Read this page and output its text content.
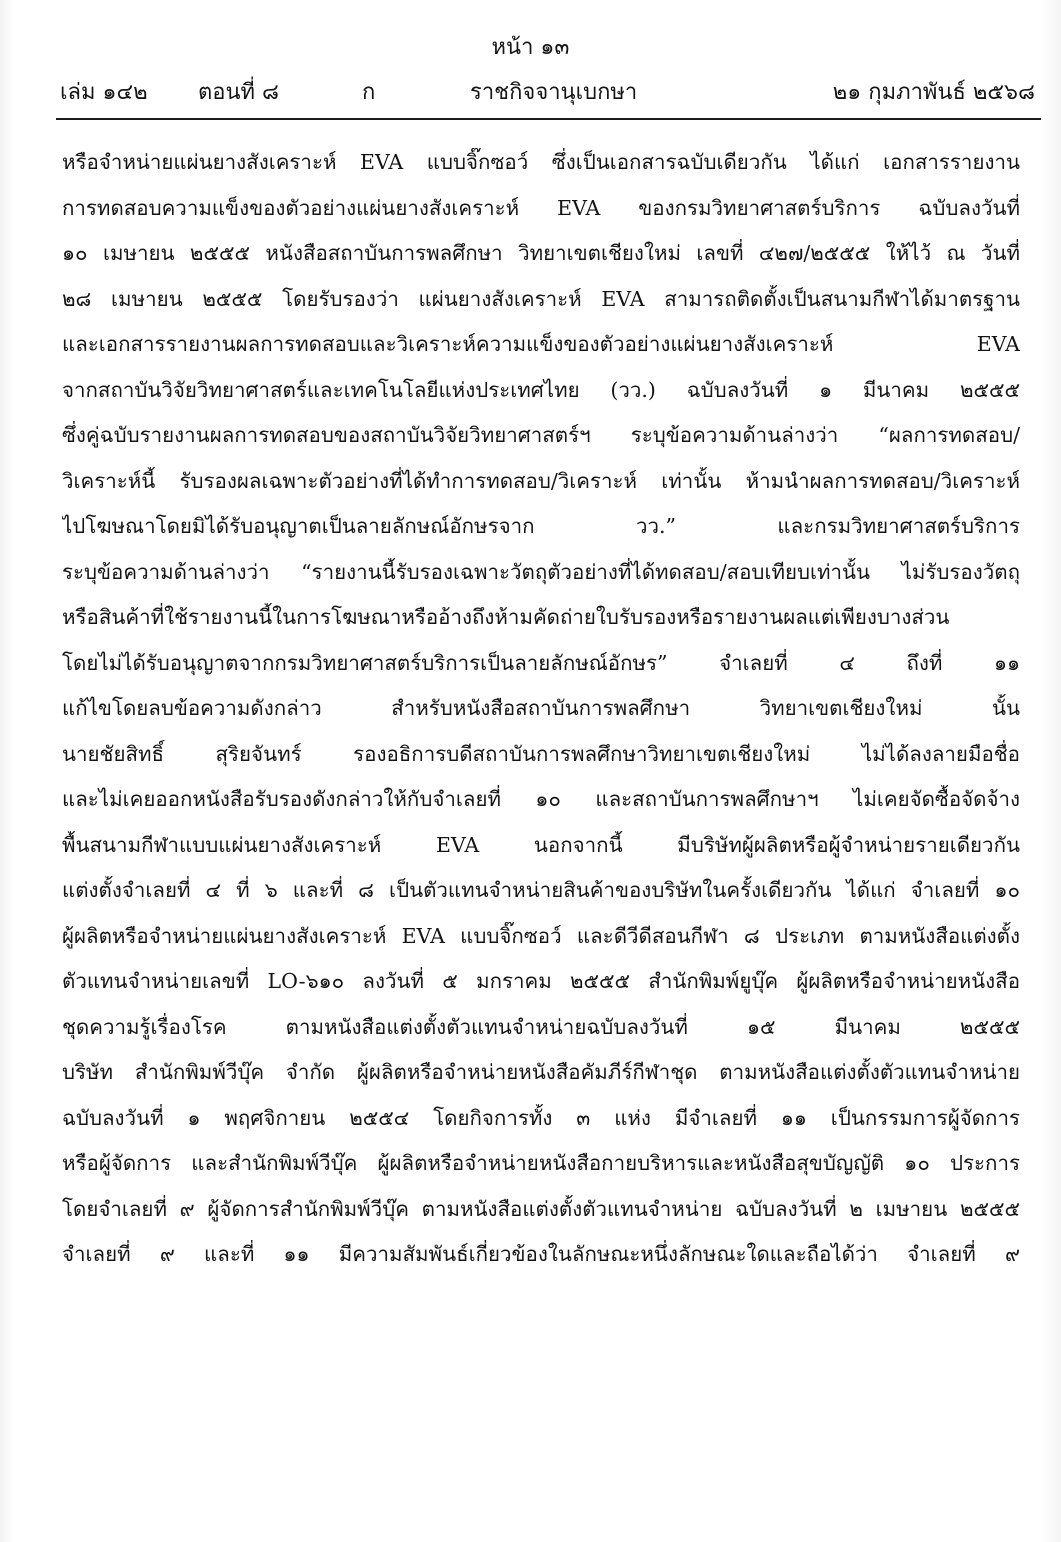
หน้า ๑๓
เล่ม ๑๔๒ ตอนที่ ๘	ก	ราชกิจจานุเบกษา	๒๑ กุมภาพันธ์ ๒๕๖๘
หรือจำหน่ายแผ่นยางสังเคราะห์ EVA แบบจิ๊กซอว์ ซึ่งเป็นเอกสารฉบับเดียวกัน ได้แก่ เอกสารรายงาน
การทดสอบความแข็งของตัวอย่างแผ่นยางสังเคราะห์ EVA ของกรมวิทยาศาสตร์บริการ ฉบับลงวันที่
๑๐ เมษายน ๒๕๕๕ หนังสือสถาบันการพลศึกษา วิทยาเขตเชียงใหม่ เลขที่ ๔๒๗/๒๕๕๕ ให้ไว้ ณ วันที่
๒๘ เมษายน ๒๕๕๕ โดยรับรองว่า แผ่นยางสังเคราะห์ EVA สามารถติดตั้งเป็นสนามกีฬาได้มาตรฐาน
และเอกสารรายงานผลการทดสอบและวิเคราะห์ความแข็งของตัวอย่างแผ่นยางสังเคราะห์ EVA
จากสถาบันวิจัยวิทยาศาสตร์และเทคโนโลยีแห่งประเทศไทย (วว.) ฉบับลงวันที่ ๑ มีนาคม ๒๕๕๕
ซึ่งคู่ฉบับรายงานผลการทดสอบของสถาบันวิจัยวิทยาศาสตร์ฯ ระบุข้อความด้านล่างว่า “ผลการทดสอบ/
วิเคราะห์นี้ รับรองผลเฉพาะตัวอย่างที่ได้ทำการทดสอบ/วิเคราะห์ เท่านั้น ห้ามนำผลการทดสอบ/วิเคราะห์
ไปโฆษณาโดยมิได้รับอนุญาตเป็นลายลักษณ์อักษรจาก วว.” และกรมวิทยาศาสตร์บริการ
ระบุข้อความด้านล่างว่า “รายงานนี้รับรองเฉพาะวัตถุตัวอย่างที่ได้ทดสอบ/สอบเทียบเท่านั้น ไม่รับรองวัตถุ
หรือสินค้าที่ใช้รายงานนี้ในการโฆษณาหรืออ้างถึงห้ามคัดถ่ายใบรับรองหรือรายงานผลแต่เพียงบางส่วน
โดยไม่ได้รับอนุญาตจากกรมวิทยาศาสตร์บริการเป็นลายลักษณ์อักษร” จำเลยที่ ๔ ถึงที่ ๑๑
แก้ไขโดยลบข้อความดังกล่าว สำหรับหนังสือสถาบันการพลศึกษา วิทยาเขตเชียงใหม่ นั้น
นายชัยสิทธิ์ สุริยจันทร์ รองอธิการบดีสถาบันการพลศึกษาวิทยาเขตเชียงใหม่ ไม่ได้ลงลายมือชื่อ
และไม่เคยออกหนังสือรับรองดังกล่าวให้กับจำเลยที่ ๑๐ และสถาบันการพลศึกษาฯ ไม่เคยจัดซื้อจัดจ้าง
พื้นสนามกีฬาแบบแผ่นยางสังเคราะห์ EVA นอกจากนี้ มีบริษัทผู้ผลิตหรือผู้จำหน่ายรายเดียวกัน
แต่งตั้งจำเลยที่ ๔ ที่ ๖ และที่ ๘ เป็นตัวแทนจำหน่ายสินค้าของบริษัทในครั้งเดียวกัน ได้แก่ จำเลยที่ ๑๐
ผู้ผลิตหรือจำหน่ายแผ่นยางสังเคราะห์ EVA แบบจิ๊กซอว์ และดีวีดีสอนกีฬา ๘ ประเภท ตามหนังสือแต่งตั้ง
ตัวแทนจำหน่ายเลขที่ LO-๖๑๐ ลงวันที่ ๕ มกราคม ๒๕๕๕ สำนักพิมพ์ยูบุ๊ค ผู้ผลิตหรือจำหน่ายหนังสือ
ชุดความรู้เรื่องโรค ตามหนังสือแต่งตั้งตัวแทนจำหน่ายฉบับลงวันที่ ๑๕ มีนาคม ๒๕๕๕
บริษัท สำนักพิมพ์วีบุ๊ค จำกัด ผู้ผลิตหรือจำหน่ายหนังสือคัมภีร์กีฬาชุด ตามหนังสือแต่งตั้งตัวแทนจำหน่าย
ฉบับลงวันที่ ๑ พฤศจิกายน ๒๕๕๔ โดยกิจการทั้ง ๓ แห่ง มีจำเลยที่ ๑๑ เป็นกรรมการผู้จัดการ
หรือผู้จัดการ และสำนักพิมพ์วีบุ๊ค ผู้ผลิตหรือจำหน่ายหนังสือกายบริหารและหนังสือสุขบัญญัติ ๑๐ ประการ
โดยจำเลยที่ ๙ ผู้จัดการสำนักพิมพ์วีบุ๊ค ตามหนังสือแต่งตั้งตัวแทนจำหน่าย ฉบับลงวันที่ ๒ เมษายน ๒๕๕๕
จำเลยที่ ๙ และที่ ๑๑ มีความสัมพันธ์เกี่ยวข้องในลักษณะหนึ่งลักษณะใดและถือได้ว่า จำเลยที่ ๙
